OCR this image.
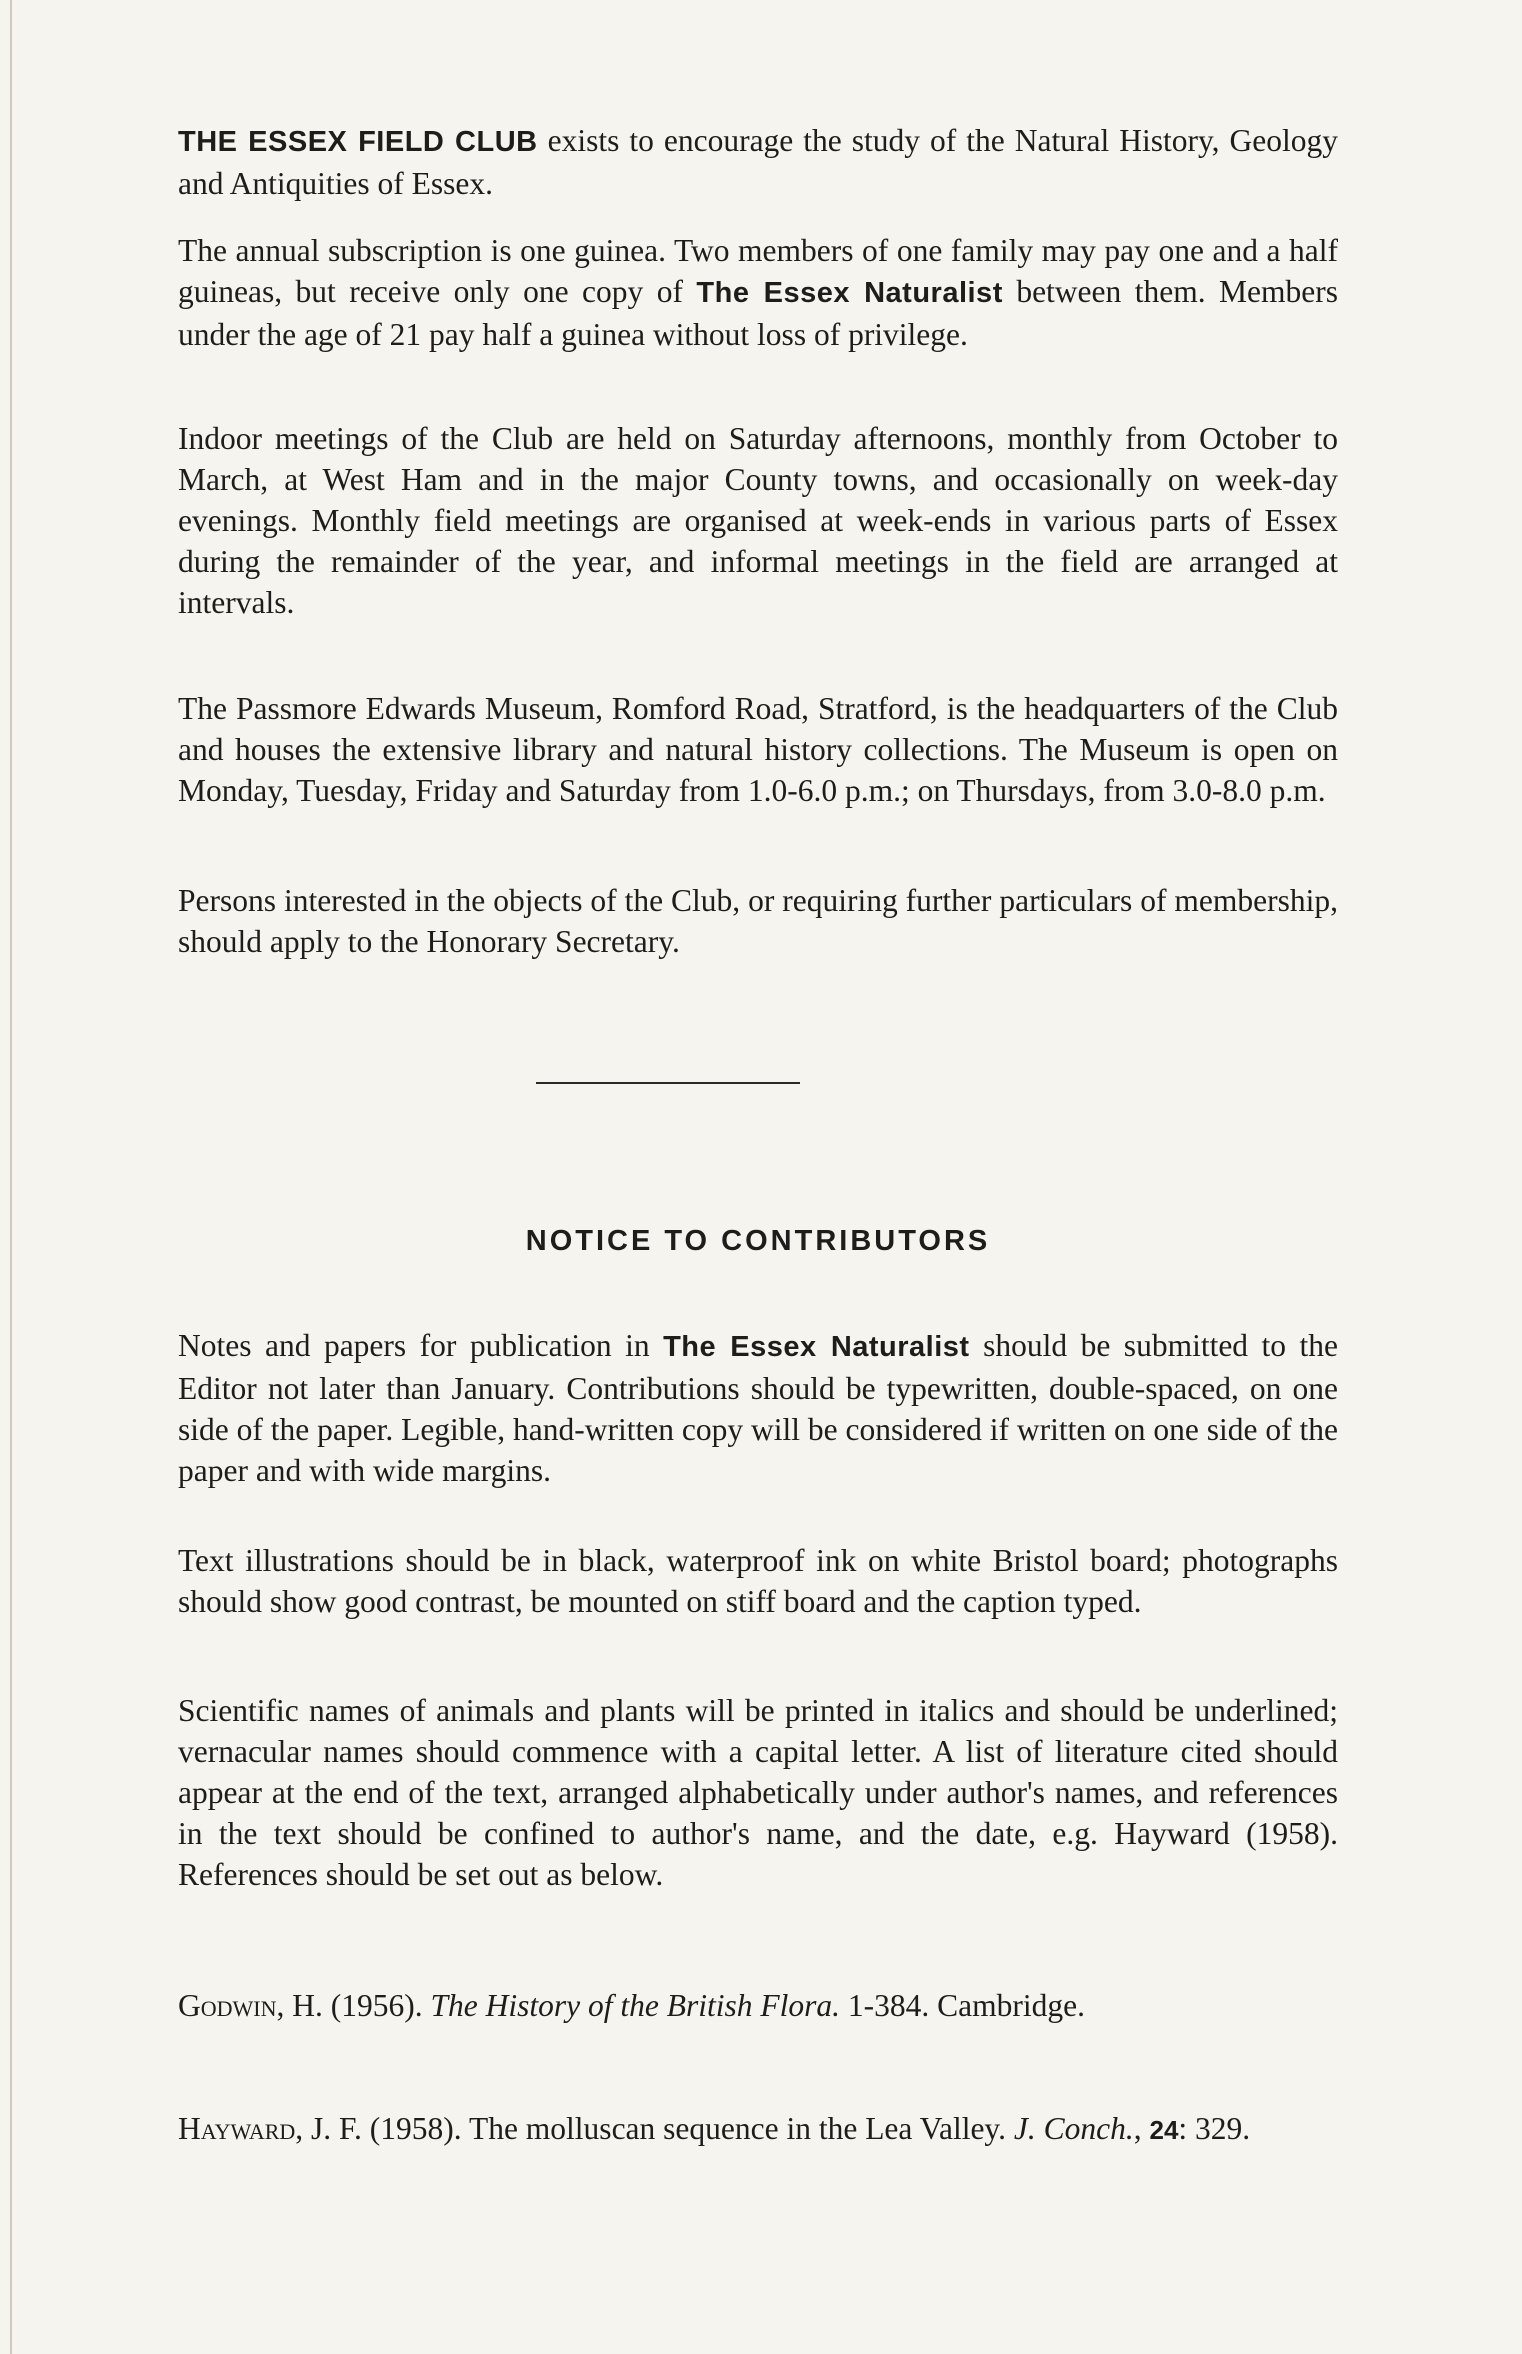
THE ESSEX FIELD CLUB exists to encourage the study of the Natural History, Geology and Antiquities of Essex.

The annual subscription is one guinea. Two members of one family may pay one and a half guineas, but receive only one copy of The Essex Naturalist between them. Members under the age of 21 pay half a guinea without loss of privilege.

Indoor meetings of the Club are held on Saturday afternoons, monthly from October to March, at West Ham and in the major County towns, and occasionally on week-day evenings. Monthly field meetings are organised at week-ends in various parts of Essex during the remainder of the year, and informal meetings in the field are arranged at intervals.

The Passmore Edwards Museum, Romford Road, Stratford, is the headquarters of the Club and houses the extensive library and natural history collections. The Museum is open on Monday, Tuesday, Friday and Saturday from 1.0-6.0 p.m.; on Thursdays, from 3.0-8.0 p.m.

Persons interested in the objects of the Club, or requiring further particulars of membership, should apply to the Honorary Secretary.

NOTICE TO CONTRIBUTORS

Notes and papers for publication in The Essex Naturalist should be submitted to the Editor not later than January. Contributions should be typewritten, double-spaced, on one side of the paper. Legible, hand-written copy will be considered if written on one side of the paper and with wide margins.

Text illustrations should be in black, waterproof ink on white Bristol board; photographs should show good contrast, be mounted on stiff board and the caption typed.

Scientific names of animals and plants will be printed in italics and should be underlined; vernacular names should commence with a capital letter. A list of literature cited should appear at the end of the text, arranged alphabetically under author's names, and references in the text should be confined to author's name, and the date, e.g. Hayward (1958). References should be set out as below.

Godwin, H. (1956). The History of the British Flora. 1-384. Cambridge.

Hayward, J. F. (1958). The molluscan sequence in the Lea Valley. J. Conch., 24: 329.
